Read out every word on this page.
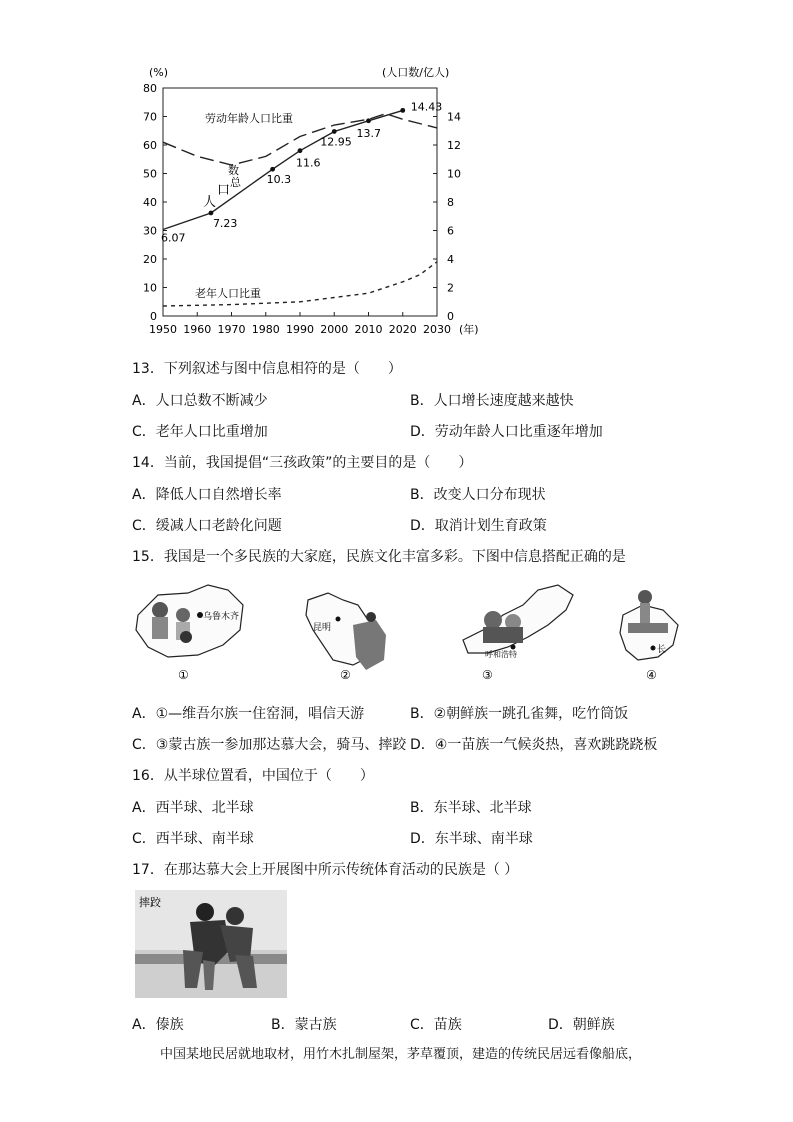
0
10
20
30
40
50
60
70
80
0
2
4
6
8
10
12
14
1950 1960 1970 1980 1990 2000 2010 2020 2030 (年)
6.07
7.23
10.3
11.6
12.95
13.7
14.43
劳动年龄人口比重
人
口
总
数
老年人口比重
(%)	(人口数/亿人)
13．下列叙述与图中信息相符的是（　　）
A．人口总数不断减少	B．人口增长速度越来越快
C．老年人口比重增加	D．劳动年龄人口比重逐年增加
14．当前，我国提倡“三孩政策”的主要目的是（　　）
A．降低人口自然增长率	B．改变人口分布现状
C．缓减人口老龄化问题	D．取消计划生育政策
15．我国是一个多民族的大家庭，民族文化丰富多彩。下图中信息搭配正确的是
乌鲁木齐
①
昆明
②
呼和浩特
③
长
④
A．①—维吾尔族一住窑洞，唱信天游	B．②朝鲜族一跳孔雀舞，吃竹筒饭
C．③蒙古族一参加那达慕大会，骑马、摔跤 D．④一苗族一气候炎热，喜欢跳跷跷板
16．从半球位置看，中国位于（　　）
A．西半球、北半球	B．东半球、北半球
C．西半球、南半球	D．东半球、南半球
17．在那达慕大会上开展图中所示传统体育活动的民族是（ ）
摔跤
A．傣族	B．蒙古族	C．苗族	D．朝鲜族
中国某地民居就地取材，用竹木扎制屋架，茅草覆顶，建造的传统民居远看像船底，
